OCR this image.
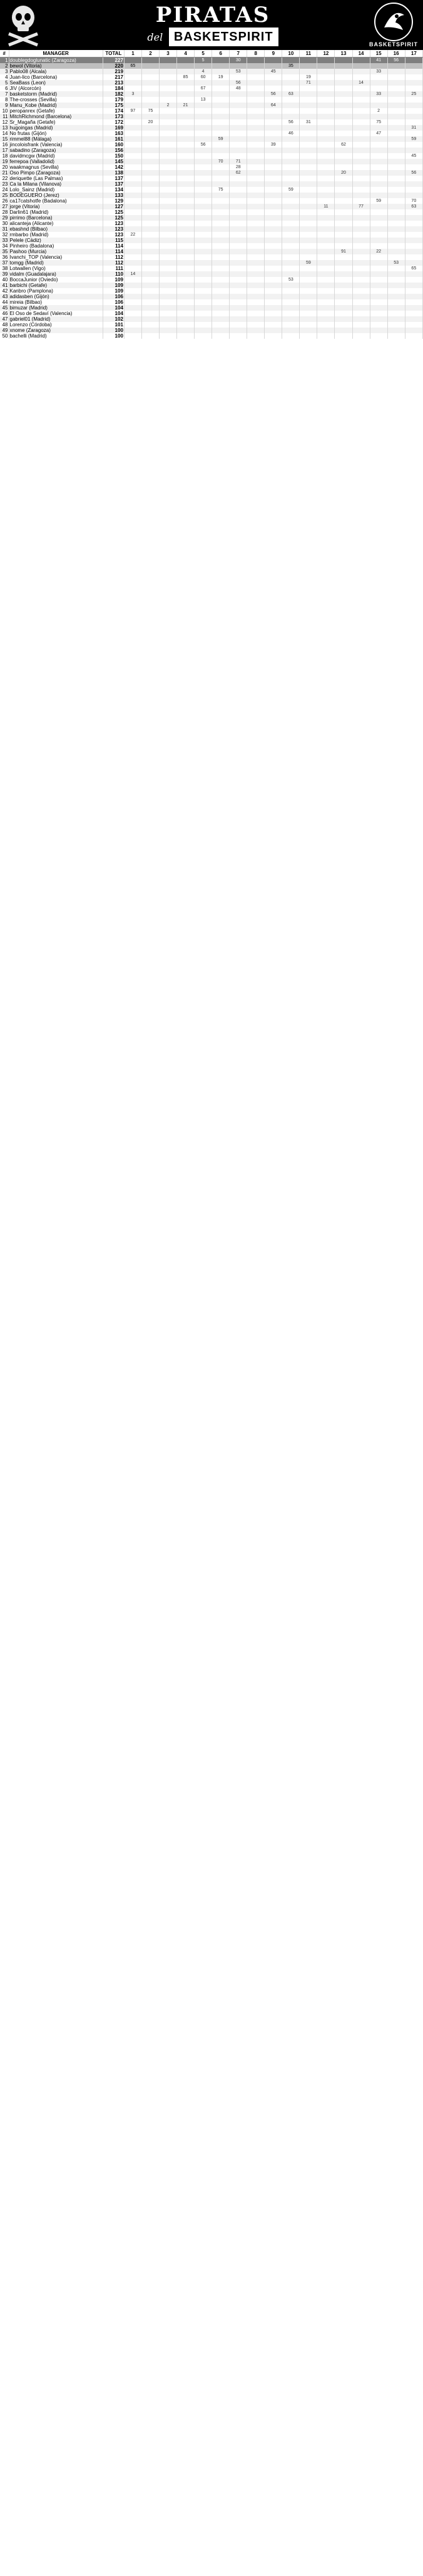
PIRATAS
del BASKETSPIRIT
BASKETSPIRIT
#	MANAGER	TOTAL	1	2	3	4	5	6	7	8	9	10	11	12	13	14	15	16	17
1	doublegdoglunatic (Zaragoza)	227					5		30								41	56	
2	bewol (Vitoria)	220	65									35							
3	Pablo08 (Alcala)	219					4		53		45						33		
4	Juan-lico (Barcelona)	217				85	60	19					19						
5	SeaBass (Leon)	213							56				71			14			
6	JIV (Alcorcón)	184					67		48										
7	basketstorm (Madrid)	182	3								56	63					33		25
8	The-crosses (Sevilla)	179					13												
9	Manu_Kobe (Madrid)	175			2	21					64								
10	peropanrex (Getafe)	174	97	75													2		
11	MitchRichmond (Barcelona)	173																	
12	Sr_Magaña (Getafe)	172		20								56	31				75		
13	hugoingas (Madrid)	169																	31
14	No frutas (Gijón)	163										46					47		
15	rimmel88 (Málaga)	161						59											59
16	jincoloisfrank (Valencia)	160					56				39				62				
17	sabadino (Zaragoza)	156																	
18	davidmcgw (Madrid)	150																	45
19	ferrepoa (Valladolid)	145						70	71										
20	waakmagnus (Sevilla)	142							28										
21	Oso Pimpo (Zaragoza)	138							62						20				56
22	deriquette (Las Palmas)	137																	
23	Ca la Milana (Vilanova)	137																	
24	Lolo_Sainz (Madrid)	134						75				59							
25	BODEGUERO (Jerez)	133																	
26	ca17catshotfe (Badalona)	129															59		70
27	jorge (Vitoria)	127												11		77			63
28	Darlin61 (Madrid)	125																	
29	pirrimo (Barcelona)	125																	
30	alicanteja (Alicante)	123																	
31	ebashnd (Bilbao)	123																	
32	rmbarbo (Madrid)	123	22																
33	Pelele (Cádiz)	115																	
34	Pinheiro (Badalona)	114																	
35	Pashoo (Murcia)	114													91		22		
36	Ivanchi_TOP (Valencia)	112																	
37	tomgg (Madrid)	112											59					53	
38	Lotwallen (Vigo)	111																	65
39	vidalm (Guadalajara)	110	14																
40	BoccaJunior (Oviedo)	109										53							
41	barbichi (Getafe)	109																	
42	Kanbro (Pamplona)	109																	
43	adidasben (Gijón)	106																	
44	mireia (Bilbao)	106																	
45	bimuzar (Madrid)	104																	
46	El Oso de Sedaví (Valencia)	104																	
47	gabriel01 (Madrid)	102																	
48	Lorenzo (Córdoba)	101																	
49	xnome (Zaragoza)	100																	
50	bachelli (Madrid)	100																	
